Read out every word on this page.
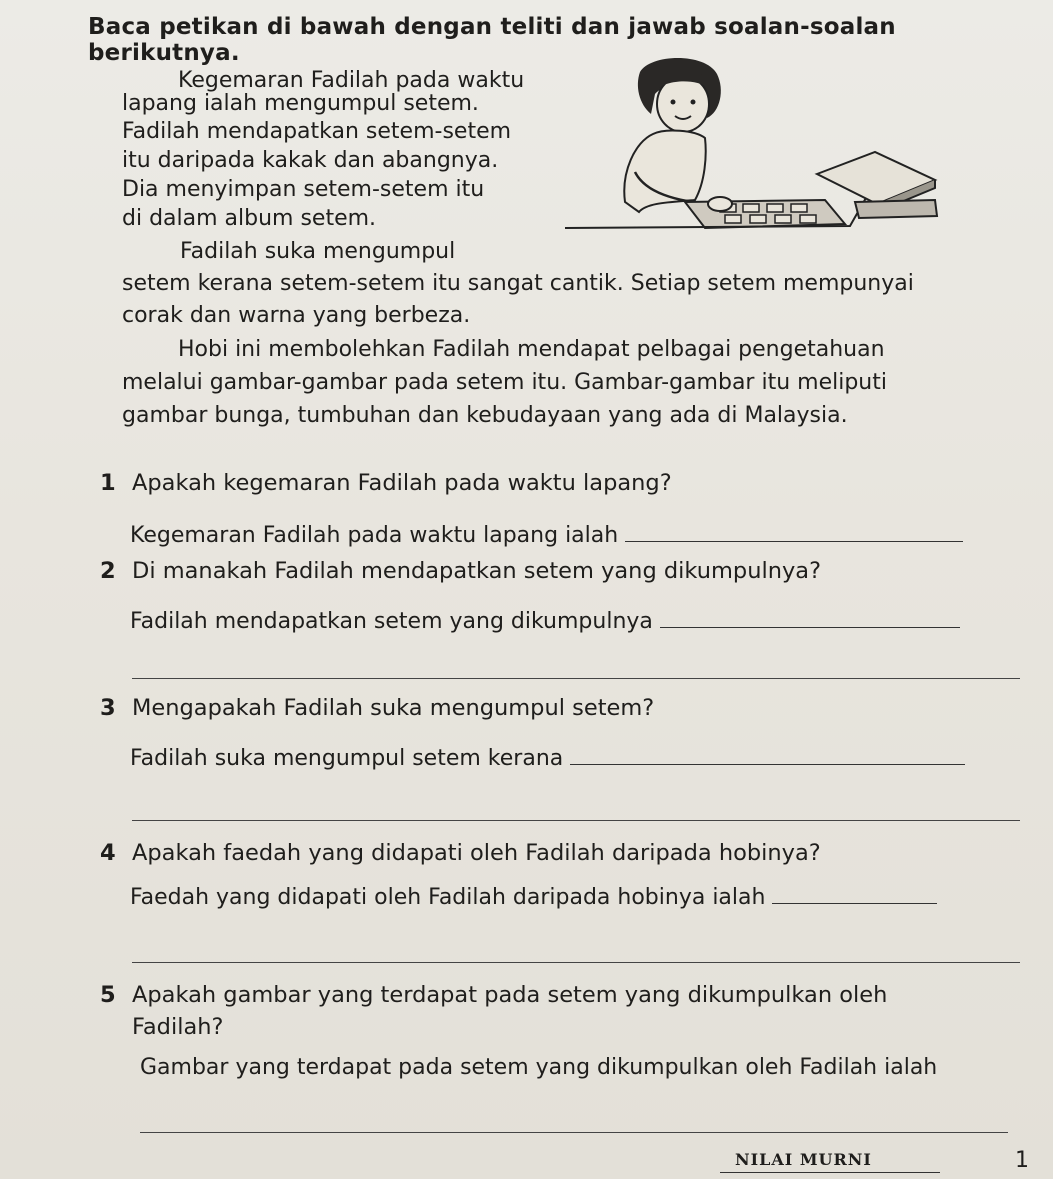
Baca petikan di bawah dengan teliti dan jawab soalan-soalan berikutnya.
Kegemaran Fadilah pada waktu
lapang ialah mengumpul setem.
Fadilah mendapatkan setem-setem
itu daripada kakak dan abangnya.
Dia menyimpan setem-setem itu
di dalam album setem.
Fadilah suka mengumpul
setem kerana setem-setem itu sangat cantik. Setiap setem mempunyai
corak dan warna yang berbeza.
Hobi ini membolehkan Fadilah mendapat pelbagai pengetahuan
melalui gambar-gambar pada setem itu. Gambar-gambar itu meliputi
gambar bunga, tumbuhan dan kebudayaan yang ada di Malaysia.
1 Apakah kegemaran Fadilah pada waktu lapang?
Kegemaran Fadilah pada waktu lapang ialah
2 Di manakah Fadilah mendapatkan setem yang dikumpulnya?
Fadilah mendapatkan setem yang dikumpulnya
3 Mengapakah Fadilah suka mengumpul setem?
Fadilah suka mengumpul setem kerana
4 Apakah faedah yang didapati oleh Fadilah daripada hobinya?
Faedah yang didapati oleh Fadilah daripada hobinya ialah
5 Apakah gambar yang terdapat pada setem yang dikumpulkan oleh
Fadilah?
Gambar yang terdapat pada setem yang dikumpulkan oleh Fadilah ialah
NILAI MURNI	1
